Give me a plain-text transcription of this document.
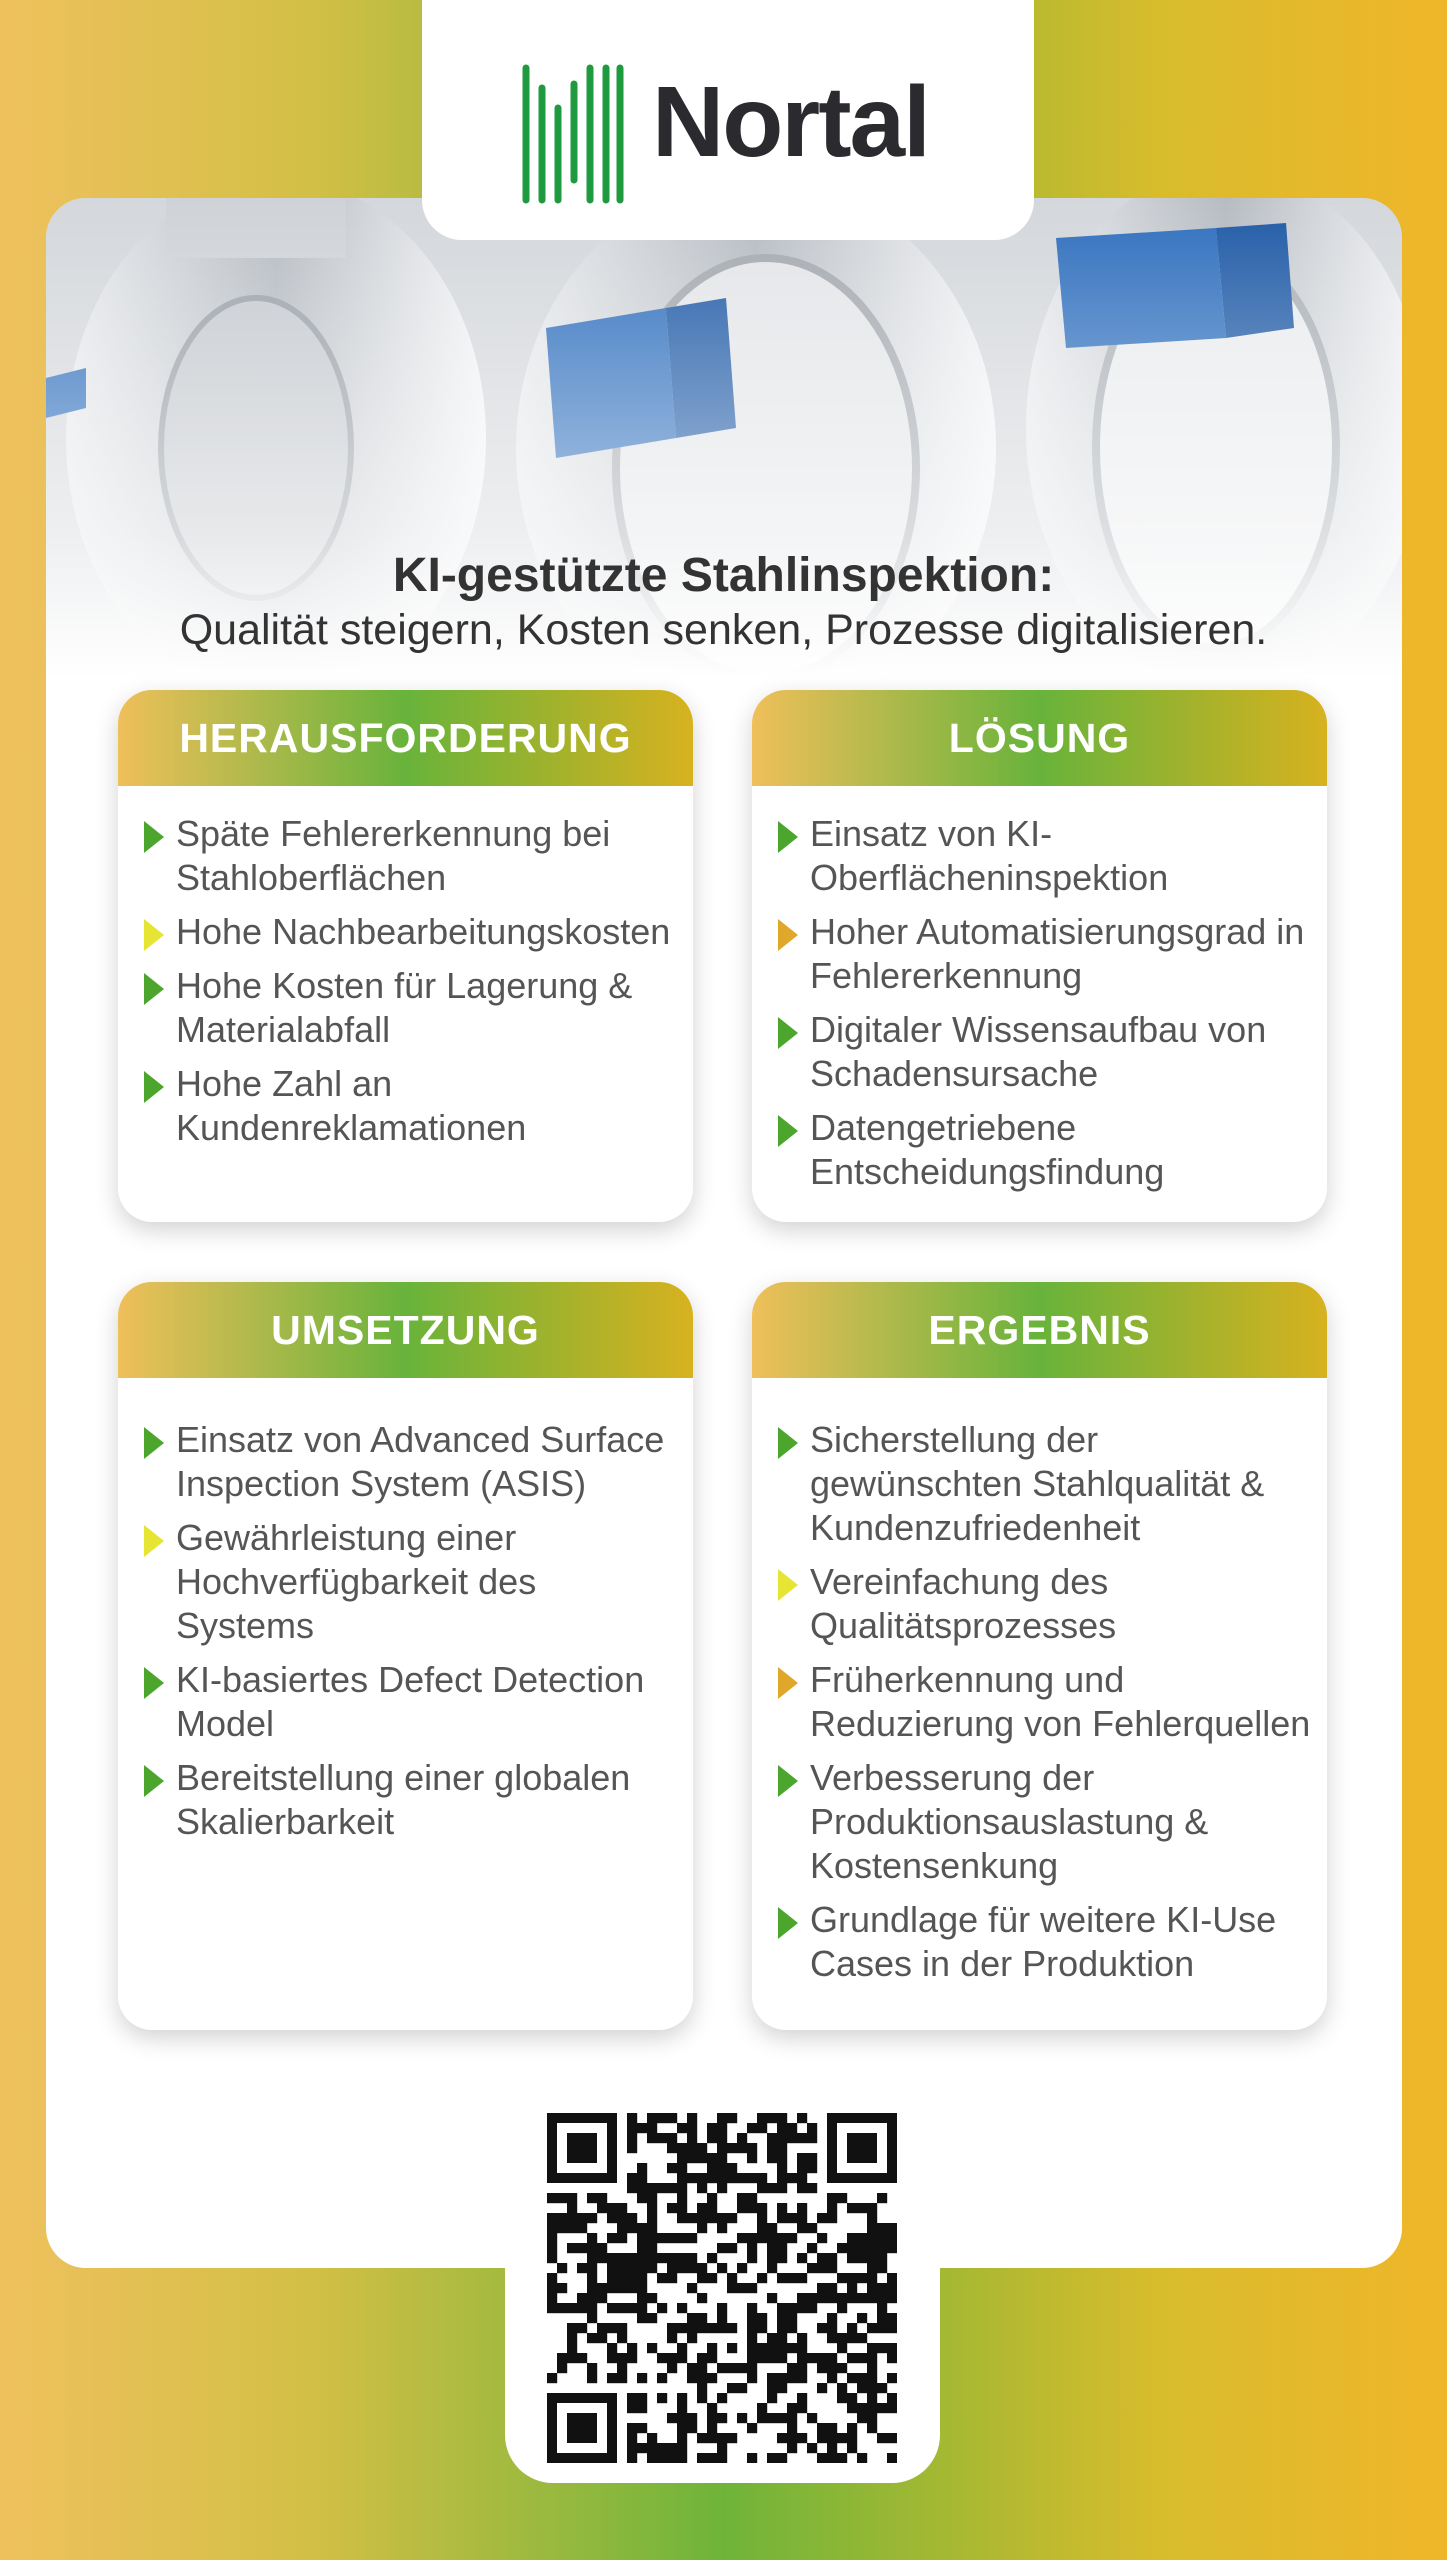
Nortal
KI-gestützte Stahlinspektion:
Qualität steigern, Kosten senken, Prozesse digitalisieren.
HERAUSFORDERUNG
Späte Fehlererkennung bei Stahloberflächen
Hohe Nachbearbeitungskosten
Hohe Kosten für Lagerung & Materialabfall
Hohe Zahl an Kundenreklamationen
LÖSUNG
Einsatz von KI-Oberflächeninspektion
Hoher Automatisierungsgrad in Fehlererkennung
Digitaler Wissensaufbau von Schadensursache
Datengetriebene Entscheidungsfindung
UMSETZUNG
Einsatz von Advanced Surface Inspection System (ASIS)
Gewährleistung einer Hochverfügbarkeit des Systems
KI-basiertes Defect Detection Model
Bereitstellung einer globalen Skalierbarkeit
ERGEBNIS
Sicherstellung der gewünschten Stahlqualität & Kundenzufriedenheit
Vereinfachung des Qualitätsprozesses
Früherkennung und Reduzierung von Fehlerquellen
Verbesserung der Produktionsauslastung & Kostensenkung
Grundlage für weitere KI-Use Cases in der Produktion
